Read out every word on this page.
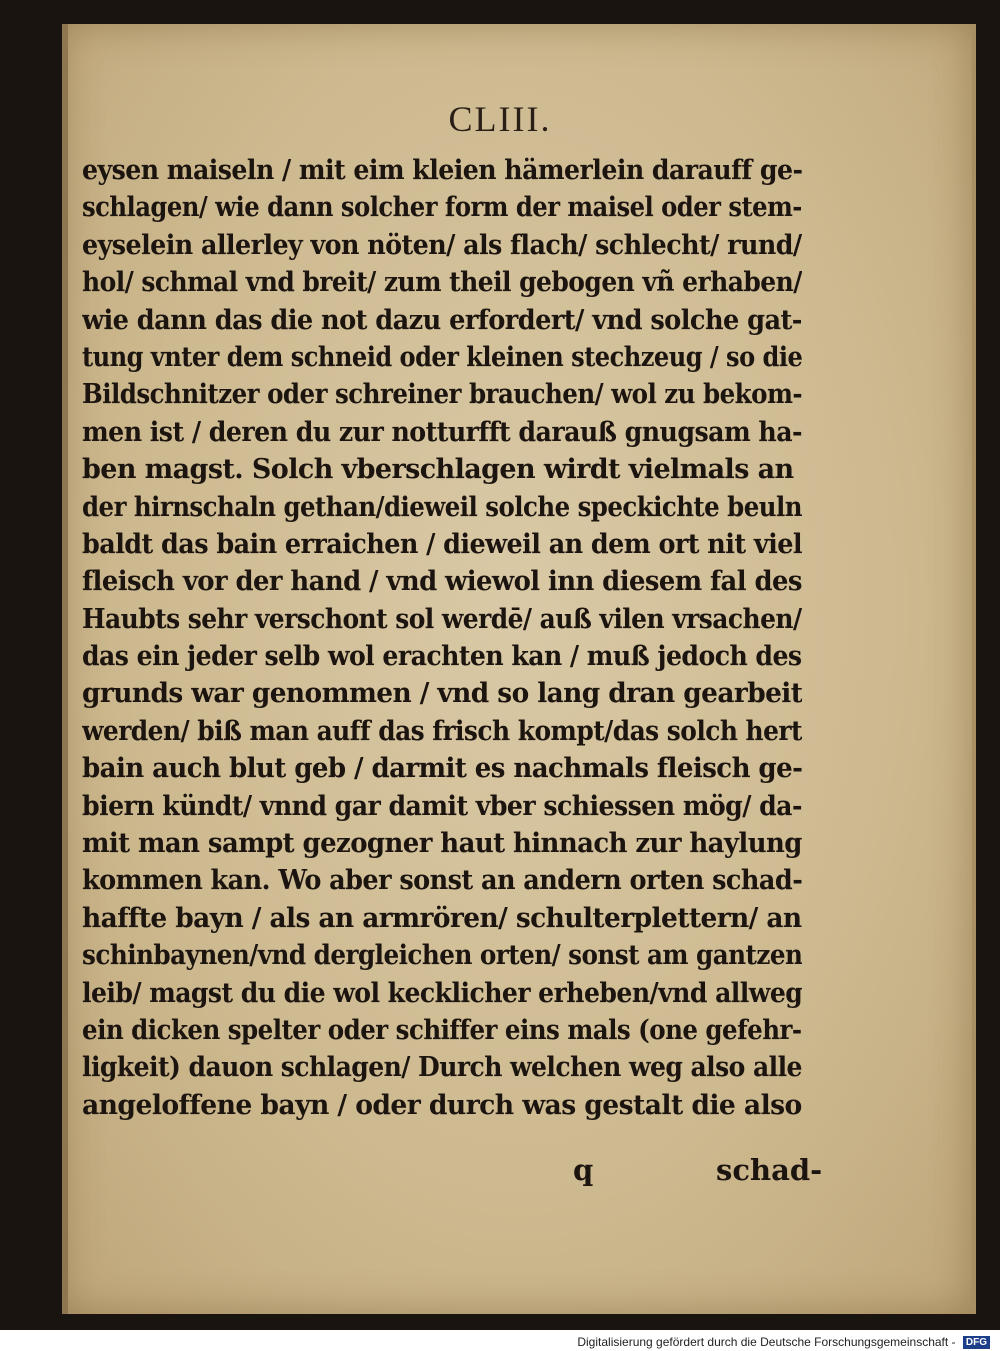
CLIII.
eysen maiseln / mit eim kleien hämerlein darauff ge-
schlagen/ wie dann solcher form der maisel oder stem-
eyselein allerley von nöten/ als flach/ schlecht/ rund/
hol/ schmal vnd breit/ zum theil gebogen vñ erhaben/
wie dann das die not dazu erfordert/ vnd solche gat-
tung vnter dem schneid oder kleinen stechzeug / so die
Bildschnitzer oder schreiner brauchen/ wol zu bekom-
men ist / deren du zur notturfft darauß gnugsam ha-
ben magst. Solch vberschlagen wirdt vielmals an
der hirnschaln gethan/dieweil solche speckichte beuln
baldt das bain erraichen / dieweil an dem ort nit viel
fleisch vor der hand / vnd wiewol inn diesem fal des
Haubts sehr verschont sol werdē/ auß vilen vrsachen/
das ein jeder selb wol erachten kan / muß jedoch des
grunds war genommen / vnd so lang dran gearbeit
werden/ biß man auff das frisch kompt/das solch hert
bain auch blut geb / darmit es nachmals fleisch ge-
biern kündt/ vnnd gar damit vber schiessen mög/ da-
mit man sampt gezogner haut hinnach zur haylung
kommen kan. Wo aber sonst an andern orten schad-
haffte bayn / als an armrören/ schulterplettern/ an
schinbaynen/vnd dergleichen orten/ sonst am gantzen
leib/ magst du die wol kecklicher erheben/vnd allweg
ein dicken spelter oder schiffer eins mals (one gefehr-
ligkeit) dauon schlagen/ Durch welchen weg also alle
angeloffene bayn / oder durch was gestalt die also
q	schad-
Digitalisierung gefördert durch die Deutsche Forschungsgemeinschaft - DFG
